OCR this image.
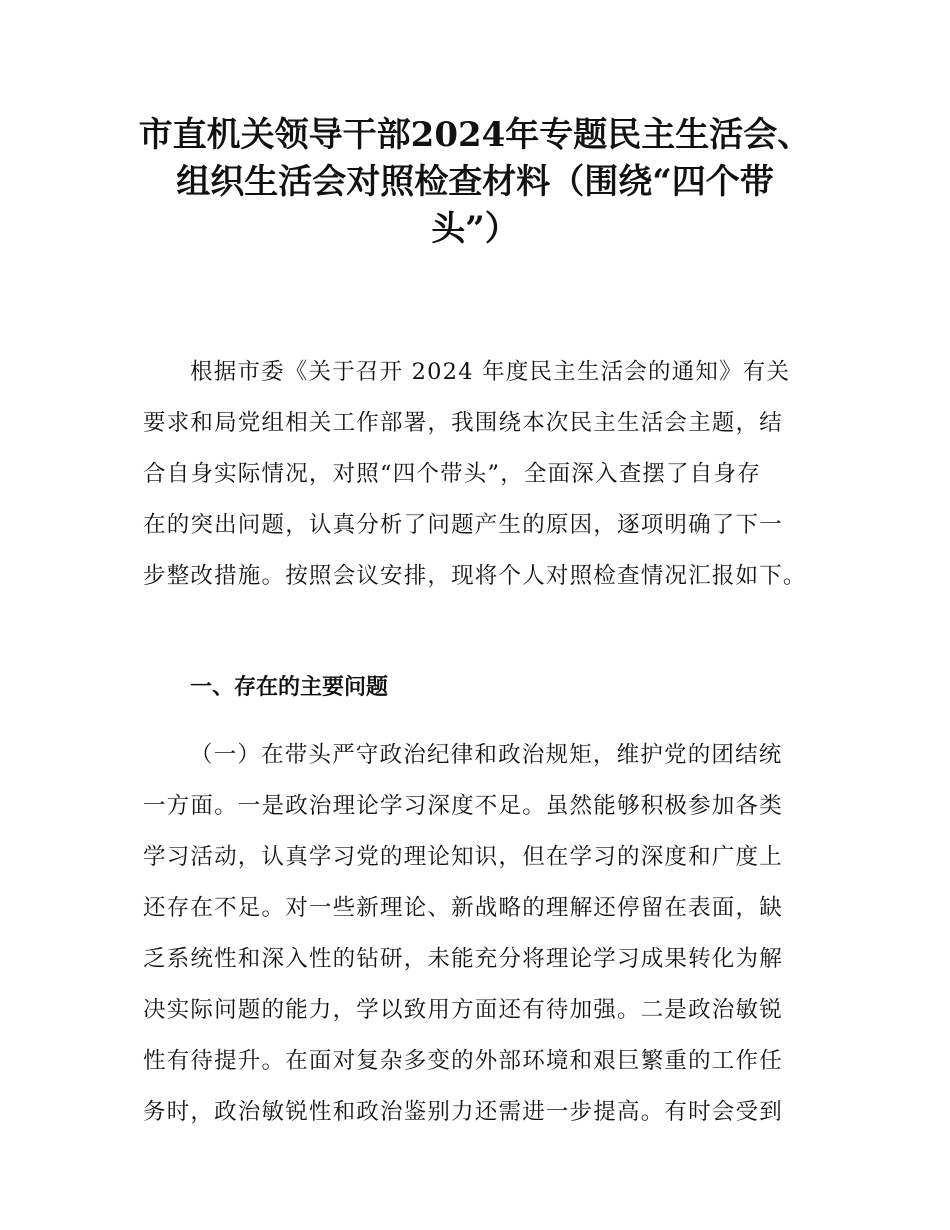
市直机关领导干部2024年专题民主生活会、
组织生活会对照检查材料（围绕“四个带
头”）
根据市委《关于召开 2024 年度民主生活会的通知》有关
要求和局党组相关工作部署，我围绕本次民主生活会主题，结
合自身实际情况，对照“四个带头”，全面深入查摆了自身存
在的突出问题，认真分析了问题产生的原因，逐项明确了下一
步整改措施。按照会议安排，现将个人对照检查情况汇报如下。
一、存在的主要问题
（一）在带头严守政治纪律和政治规矩，维护党的团结统
一方面。一是政治理论学习深度不足。虽然能够积极参加各类
学习活动，认真学习党的理论知识，但在学习的深度和广度上
还存在不足。对一些新理论、新战略的理解还停留在表面，缺
乏系统性和深入性的钻研，未能充分将理论学习成果转化为解
决实际问题的能力，学以致用方面还有待加强。二是政治敏锐
性有待提升。在面对复杂多变的外部环境和艰巨繁重的工作任
务时，政治敏锐性和政治鉴别力还需进一步提高。有时会受到
